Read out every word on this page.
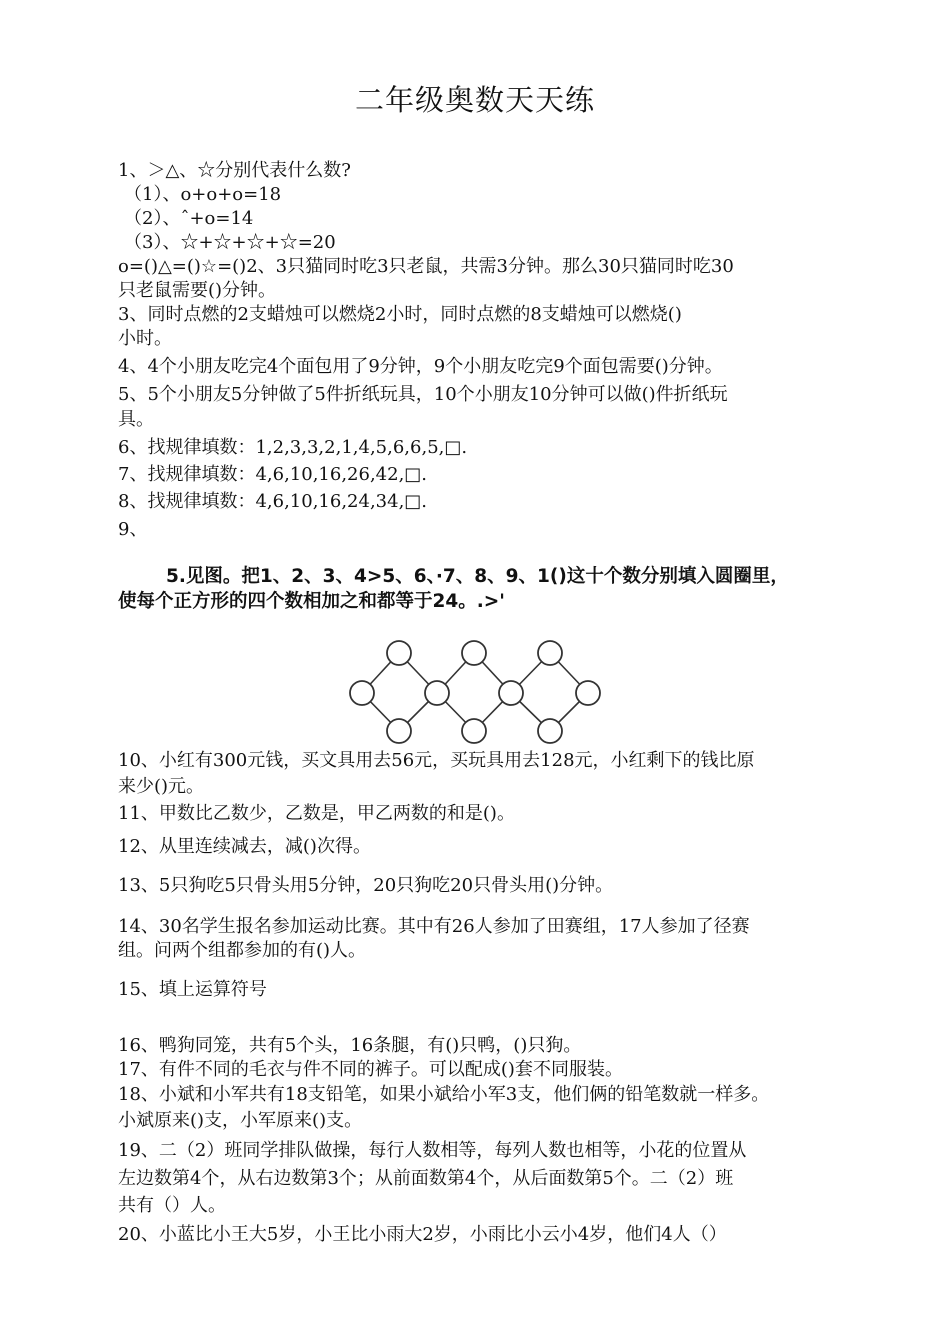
二年级奥数天天练
1、＞△、☆分别代表什么数?
（1）、o+o+o=18
（2）、ˆ+o=14
（3）、☆+☆+☆+☆=20
o=()△=()☆=()2、3只猫同时吃3只老鼠，共需3分钟。那么30只猫同时吃30
只老鼠需要()分钟。
3、同时点燃的2支蜡烛可以燃烧2小时，同时点燃的8支蜡烛可以燃烧()
小时。
4、4个小朋友吃完4个面包用了9分钟，9个小朋友吃完9个面包需要()分钟。
5、5个小朋友5分钟做了5件折纸玩具，10个小朋友10分钟可以做()件折纸玩
具。
6、找规律填数：1,2,3,3,2,1,4,5,6,6,5,□.
7、找规律填数：4,6,10,16,26,42,□.
8、找规律填数：4,6,10,16,24,34,□.
9、
5.见图。把1、2、3、4>5、6、·7、8、9、1()这十个数分别填入圆圈里，
使每个正方形的四个数相加之和都等于24。.>'
10、小红有300元钱，买文具用去56元，买玩具用去128元，小红剩下的钱比原
来少()元。
11、甲数比乙数少，乙数是，甲乙两数的和是()。
12、从里连续减去，减()次得。
13、5只狗吃5只骨头用5分钟，20只狗吃20只骨头用()分钟。
14、30名学生报名参加运动比赛。其中有26人参加了田赛组，17人参加了径赛
组。问两个组都参加的有()人。
15、填上运算符号
16、鸭狗同笼，共有5个头，16条腿，有()只鸭，()只狗。
17、有件不同的毛衣与件不同的裤子。可以配成()套不同服装。
18、小斌和小军共有18支铅笔，如果小斌给小军3支，他们俩的铅笔数就一样多。
小斌原来()支，小军原来()支。
19、二（2）班同学排队做操，每行人数相等，每列人数也相等，小花的位置从
左边数第4个，从右边数第3个；从前面数第4个，从后面数第5个。二（2）班
共有（）人。
20、小蓝比小王大5岁，小王比小雨大2岁，小雨比小云小4岁，他们4人（）
